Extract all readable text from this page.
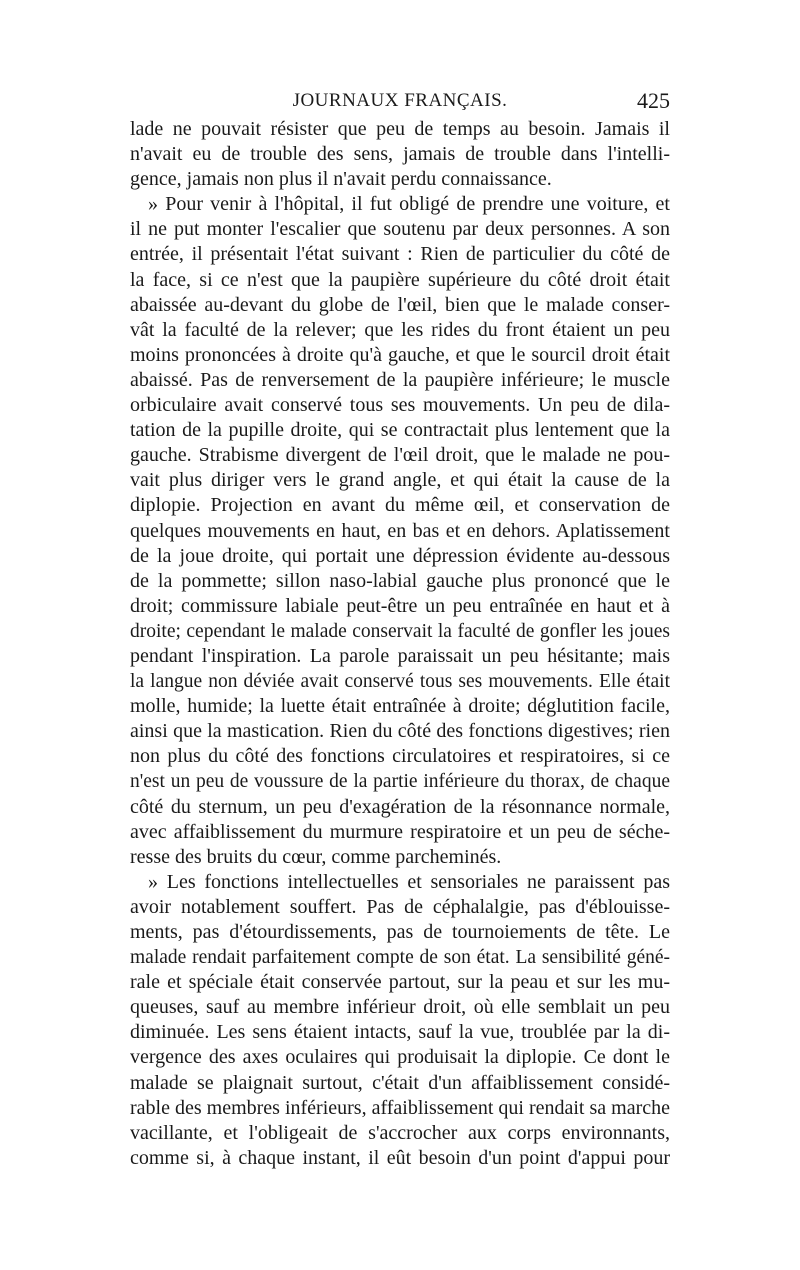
JOURNAUX FRANÇAIS.	425
lade ne pouvait résister que peu de temps au besoin. Jamais il
n'avait eu de trouble des sens, jamais de trouble dans l'intelli-
gence, jamais non plus il n'avait perdu connaissance.
» Pour venir à l'hôpital, il fut obligé de prendre une voiture, et
il ne put monter l'escalier que soutenu par deux personnes. A son
entrée, il présentait l'état suivant : Rien de particulier du côté de
la face, si ce n'est que la paupière supérieure du côté droit était
abaissée au-devant du globe de l'œil, bien que le malade conser-
vât la faculté de la relever; que les rides du front étaient un peu
moins prononcées à droite qu'à gauche, et que le sourcil droit était
abaissé. Pas de renversement de la paupière inférieure; le muscle
orbiculaire avait conservé tous ses mouvements. Un peu de dila-
tation de la pupille droite, qui se contractait plus lentement que la
gauche. Strabisme divergent de l'œil droit, que le malade ne pou-
vait plus diriger vers le grand angle, et qui était la cause de la
diplopie. Projection en avant du même œil, et conservation de
quelques mouvements en haut, en bas et en dehors. Aplatissement
de la joue droite, qui portait une dépression évidente au-dessous
de la pommette; sillon naso-labial gauche plus prononcé que le
droit; commissure labiale peut-être un peu entraînée en haut et à
droite; cependant le malade conservait la faculté de gonfler les joues
pendant l'inspiration. La parole paraissait un peu hésitante; mais
la langue non déviée avait conservé tous ses mouvements. Elle était
molle, humide; la luette était entraînée à droite; déglutition facile,
ainsi que la mastication. Rien du côté des fonctions digestives; rien
non plus du côté des fonctions circulatoires et respiratoires, si ce
n'est un peu de voussure de la partie inférieure du thorax, de chaque
côté du sternum, un peu d'exagération de la résonnance normale,
avec affaiblissement du murmure respiratoire et un peu de séche-
resse des bruits du cœur, comme parcheminés.
» Les fonctions intellectuelles et sensoriales ne paraissent pas
avoir notablement souffert. Pas de céphalalgie, pas d'éblouisse-
ments, pas d'étourdissements, pas de tournoiements de tête. Le
malade rendait parfaitement compte de son état. La sensibilité géné-
rale et spéciale était conservée partout, sur la peau et sur les mu-
queuses, sauf au membre inférieur droit, où elle semblait un peu
diminuée. Les sens étaient intacts, sauf la vue, troublée par la di-
vergence des axes oculaires qui produisait la diplopie. Ce dont le
malade se plaignait surtout, c'était d'un affaiblissement considé-
rable des membres inférieurs, affaiblissement qui rendait sa marche
vacillante, et l'obligeait de s'accrocher aux corps environnants,
comme si, à chaque instant, il eût besoin d'un point d'appui pour
